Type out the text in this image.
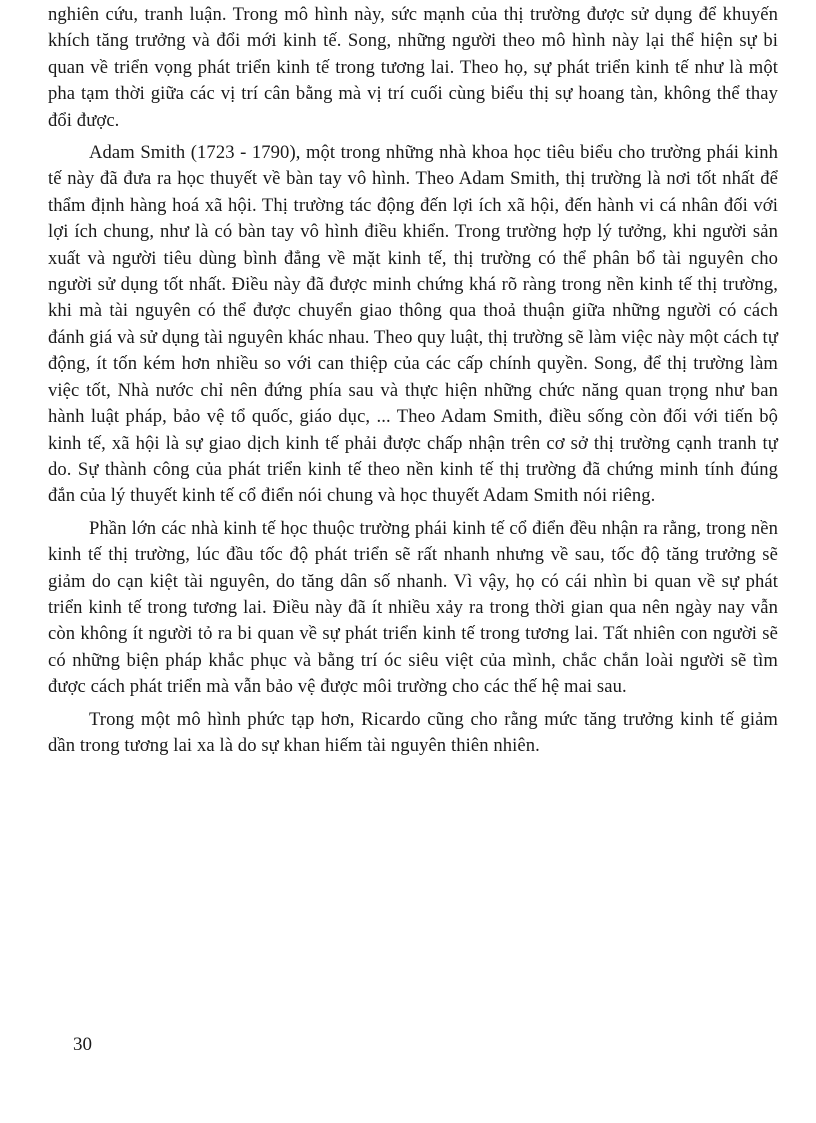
nghiên cứu, tranh luận. Trong mô hình này, sức mạnh của thị trường được sử dụng để khuyến khích tăng trưởng và đổi mới kinh tế. Song, những người theo mô hình này lại thể hiện sự bi quan về triển vọng phát triển kinh tế trong tương lai. Theo họ, sự phát triển kinh tế như là một pha tạm thời giữa các vị trí cân bằng mà vị trí cuối cùng biểu thị sự hoang tàn, không thể thay đổi được.

Adam Smith (1723 - 1790), một trong những nhà khoa học tiêu biểu cho trường phái kinh tế này đã đưa ra học thuyết về bàn tay vô hình. Theo Adam Smith, thị trường là nơi tốt nhất để thẩm định hàng hoá xã hội. Thị trường tác động đến lợi ích xã hội, đến hành vi cá nhân đối với lợi ích chung, như là có bàn tay vô hình điều khiển. Trong trường hợp lý tưởng, khi người sản xuất và người tiêu dùng bình đẳng về mặt kinh tế, thị trường có thể phân bổ tài nguyên cho người sử dụng tốt nhất. Điều này đã được minh chứng khá rõ ràng trong nền kinh tế thị trường, khi mà tài nguyên có thể được chuyển giao thông qua thoả thuận giữa những người có cách đánh giá và sử dụng tài nguyên khác nhau. Theo quy luật, thị trường sẽ làm việc này một cách tự động, ít tốn kém hơn nhiều so với can thiệp của các cấp chính quyền. Song, để thị trường làm việc tốt, Nhà nước chỉ nên đứng phía sau và thực hiện những chức năng quan trọng như ban hành luật pháp, bảo vệ tổ quốc, giáo dục, ... Theo Adam Smith, điều sống còn đối với tiến bộ kinh tế, xã hội là sự giao dịch kinh tế phải được chấp nhận trên cơ sở thị trường cạnh tranh tự do. Sự thành công của phát triển kinh tế theo nền kinh tế thị trường đã chứng minh tính đúng đắn của lý thuyết kinh tế cổ điển nói chung và học thuyết Adam Smith nói riêng.

Phần lớn các nhà kinh tế học thuộc trường phái kinh tế cổ điển đều nhận ra rằng, trong nền kinh tế thị trường, lúc đầu tốc độ phát triển sẽ rất nhanh nhưng về sau, tốc độ tăng trưởng sẽ giảm do cạn kiệt tài nguyên, do tăng dân số nhanh. Vì vậy, họ có cái nhìn bi quan về sự phát triển kinh tế trong tương lai. Điều này đã ít nhiều xảy ra trong thời gian qua nên ngày nay vẫn còn không ít người tỏ ra bi quan về sự phát triển kinh tế trong tương lai. Tất nhiên con người sẽ có những biện pháp khắc phục và bằng trí óc siêu việt của mình, chắc chắn loài người sẽ tìm được cách phát triển mà vẫn bảo vệ được môi trường cho các thế hệ mai sau.

Trong một mô hình phức tạp hơn, Ricardo cũng cho rằng mức tăng trưởng kinh tế giảm dần trong tương lai xa là do sự khan hiếm tài nguyên thiên nhiên.

30
